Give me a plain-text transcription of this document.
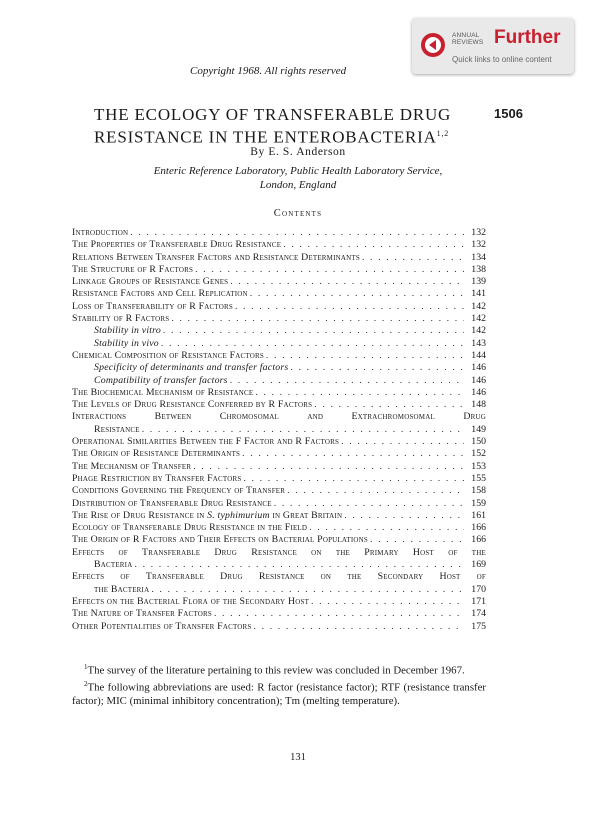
ANNUAL
REVIEWS Further
Quick links to online content
Copyright 1968. All rights reserved
1506
THE ECOLOGY OF TRANSFERABLE DRUG
RESISTANCE IN THE ENTEROBACTERIA$^{1,2}$
By E. S. Anderson
Enteric Reference Laboratory, Public Health Laboratory Service,
London, England
Contents
Introduction . . .	132
The Properties of Transferable Drug Resistance . . .	132
Relations Between Transfer Factors and Resistance Determinants . . .	134
The Structure of R Factors . . .	138
Linkage Groups of Resistance Genes . . .	139
Resistance Factors and Cell Replication . . .	141
Loss of Transferability of R Factors . . .	142
Stability of R Factors . . .	142
Stability in vitro . . .	142
Stability in vivo . . .	143
Chemical Composition of Resistance Factors . . .	144
Specificity of determinants and transfer factors . . .	146
Compatibility of transfer factors . . .	146
The Biochemical Mechanism of Resistance . . .	146
The Levels of Drug Resistance Conferred by R Factors . . .	148
Interactions	Between	Chromosomal	and	Extrachromosomal	Drug
Resistance . . .	149
Operational Similarities Between the F Factor and R Factors . . .	150
The Origin of Resistance Determinants . . .	152
The Mechanism of Transfer . . .	153
Phage Restriction by Transfer Factors . . .	155
Conditions Governing the Frequency of Transfer . . .	158
Distribution of Transferable Drug Resistance . . .	159
The Rise of Drug Resistance in S. typhimurium in Great Britain . . .	161
Ecology of Transferable Drug Resistance in the Field . . .	166
The Origin of R Factors and Their Effects on Bacterial Populations . . .	166
Effects of Transferable Drug Resistance on the Primary Host of the
Bacteria . . .	169
Effects of Transferable Drug Resistance on the Secondary Host of
the Bacteria . . .	170
Effects on the Bacterial Flora of the Secondary Host . . .	171
The Nature of Transfer Factors . . .	174
Other Potentialities of Transfer Factors . . .	175

$^1$The survey of the literature pertaining to this review was concluded in December 1967.

$^2$The following abbreviations are used: R factor (resistance factor); RTF (resistance transfer factor); MIC (minimal inhibitory concentration); Tm (melting temperature).

131
